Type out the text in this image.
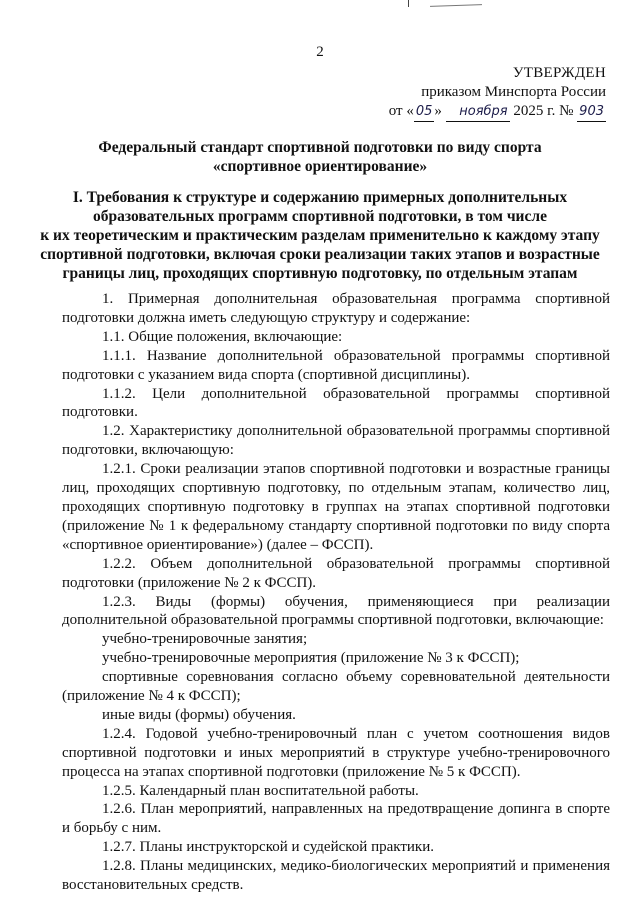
2
УТВЕРЖДЕН
приказом Минспорта России
от « 05 » ноября 2025 г. № 903
Федеральный стандарт спортивной подготовки по виду спорта
«спортивное ориентирование»
I. Требования к структуре и содержанию примерных дополнительных
образовательных программ спортивной подготовки, в том числе
к их теоретическим и практическим разделам применительно к каждому этапу
спортивной подготовки, включая сроки реализации таких этапов и возрастные
границы лиц, проходящих спортивную подготовку, по отдельным этапам

1. Примерная дополнительная образовательная программа спортивной подготовки должна иметь следующую структуру и содержание:

1.1. Общие положения, включающие:

1.1.1. Название дополнительной образовательной программы спортивной подготовки с указанием вида спорта (спортивной дисциплины).

1.1.2. Цели дополнительной образовательной программы спортивной подготовки.

1.2. Характеристику дополнительной образовательной программы спортивной подготовки, включающую:

1.2.1. Сроки реализации этапов спортивной подготовки и возрастные границы лиц, проходящих спортивную подготовку, по отдельным этапам, количество лиц, проходящих спортивную подготовку в группах на этапах спортивной подготовки (приложение № 1 к федеральному стандарту спортивной подготовки по виду спорта «спортивное ориентирование») (далее – ФССП).

1.2.2. Объем дополнительной образовательной программы спортивной подготовки (приложение № 2 к ФССП).

1.2.3. Виды (формы) обучения, применяющиеся при реализации дополнительной образовательной программы спортивной подготовки, включающие:

учебно-тренировочные занятия;

учебно-тренировочные мероприятия (приложение № 3 к ФССП);

спортивные соревнования согласно объему соревновательной деятельности (приложение № 4 к ФССП);

иные виды (формы) обучения.

1.2.4. Годовой учебно-тренировочный план с учетом соотношения видов спортивной подготовки и иных мероприятий в структуре учебно-тренировочного процесса на этапах спортивной подготовки (приложение № 5 к ФССП).

1.2.5. Календарный план воспитательной работы.

1.2.6. План мероприятий, направленных на предотвращение допинга в спорте и борьбу с ним.

1.2.7. Планы инструкторской и судейской практики.

1.2.8. Планы медицинских, медико-биологических мероприятий и применения восстановительных средств.
